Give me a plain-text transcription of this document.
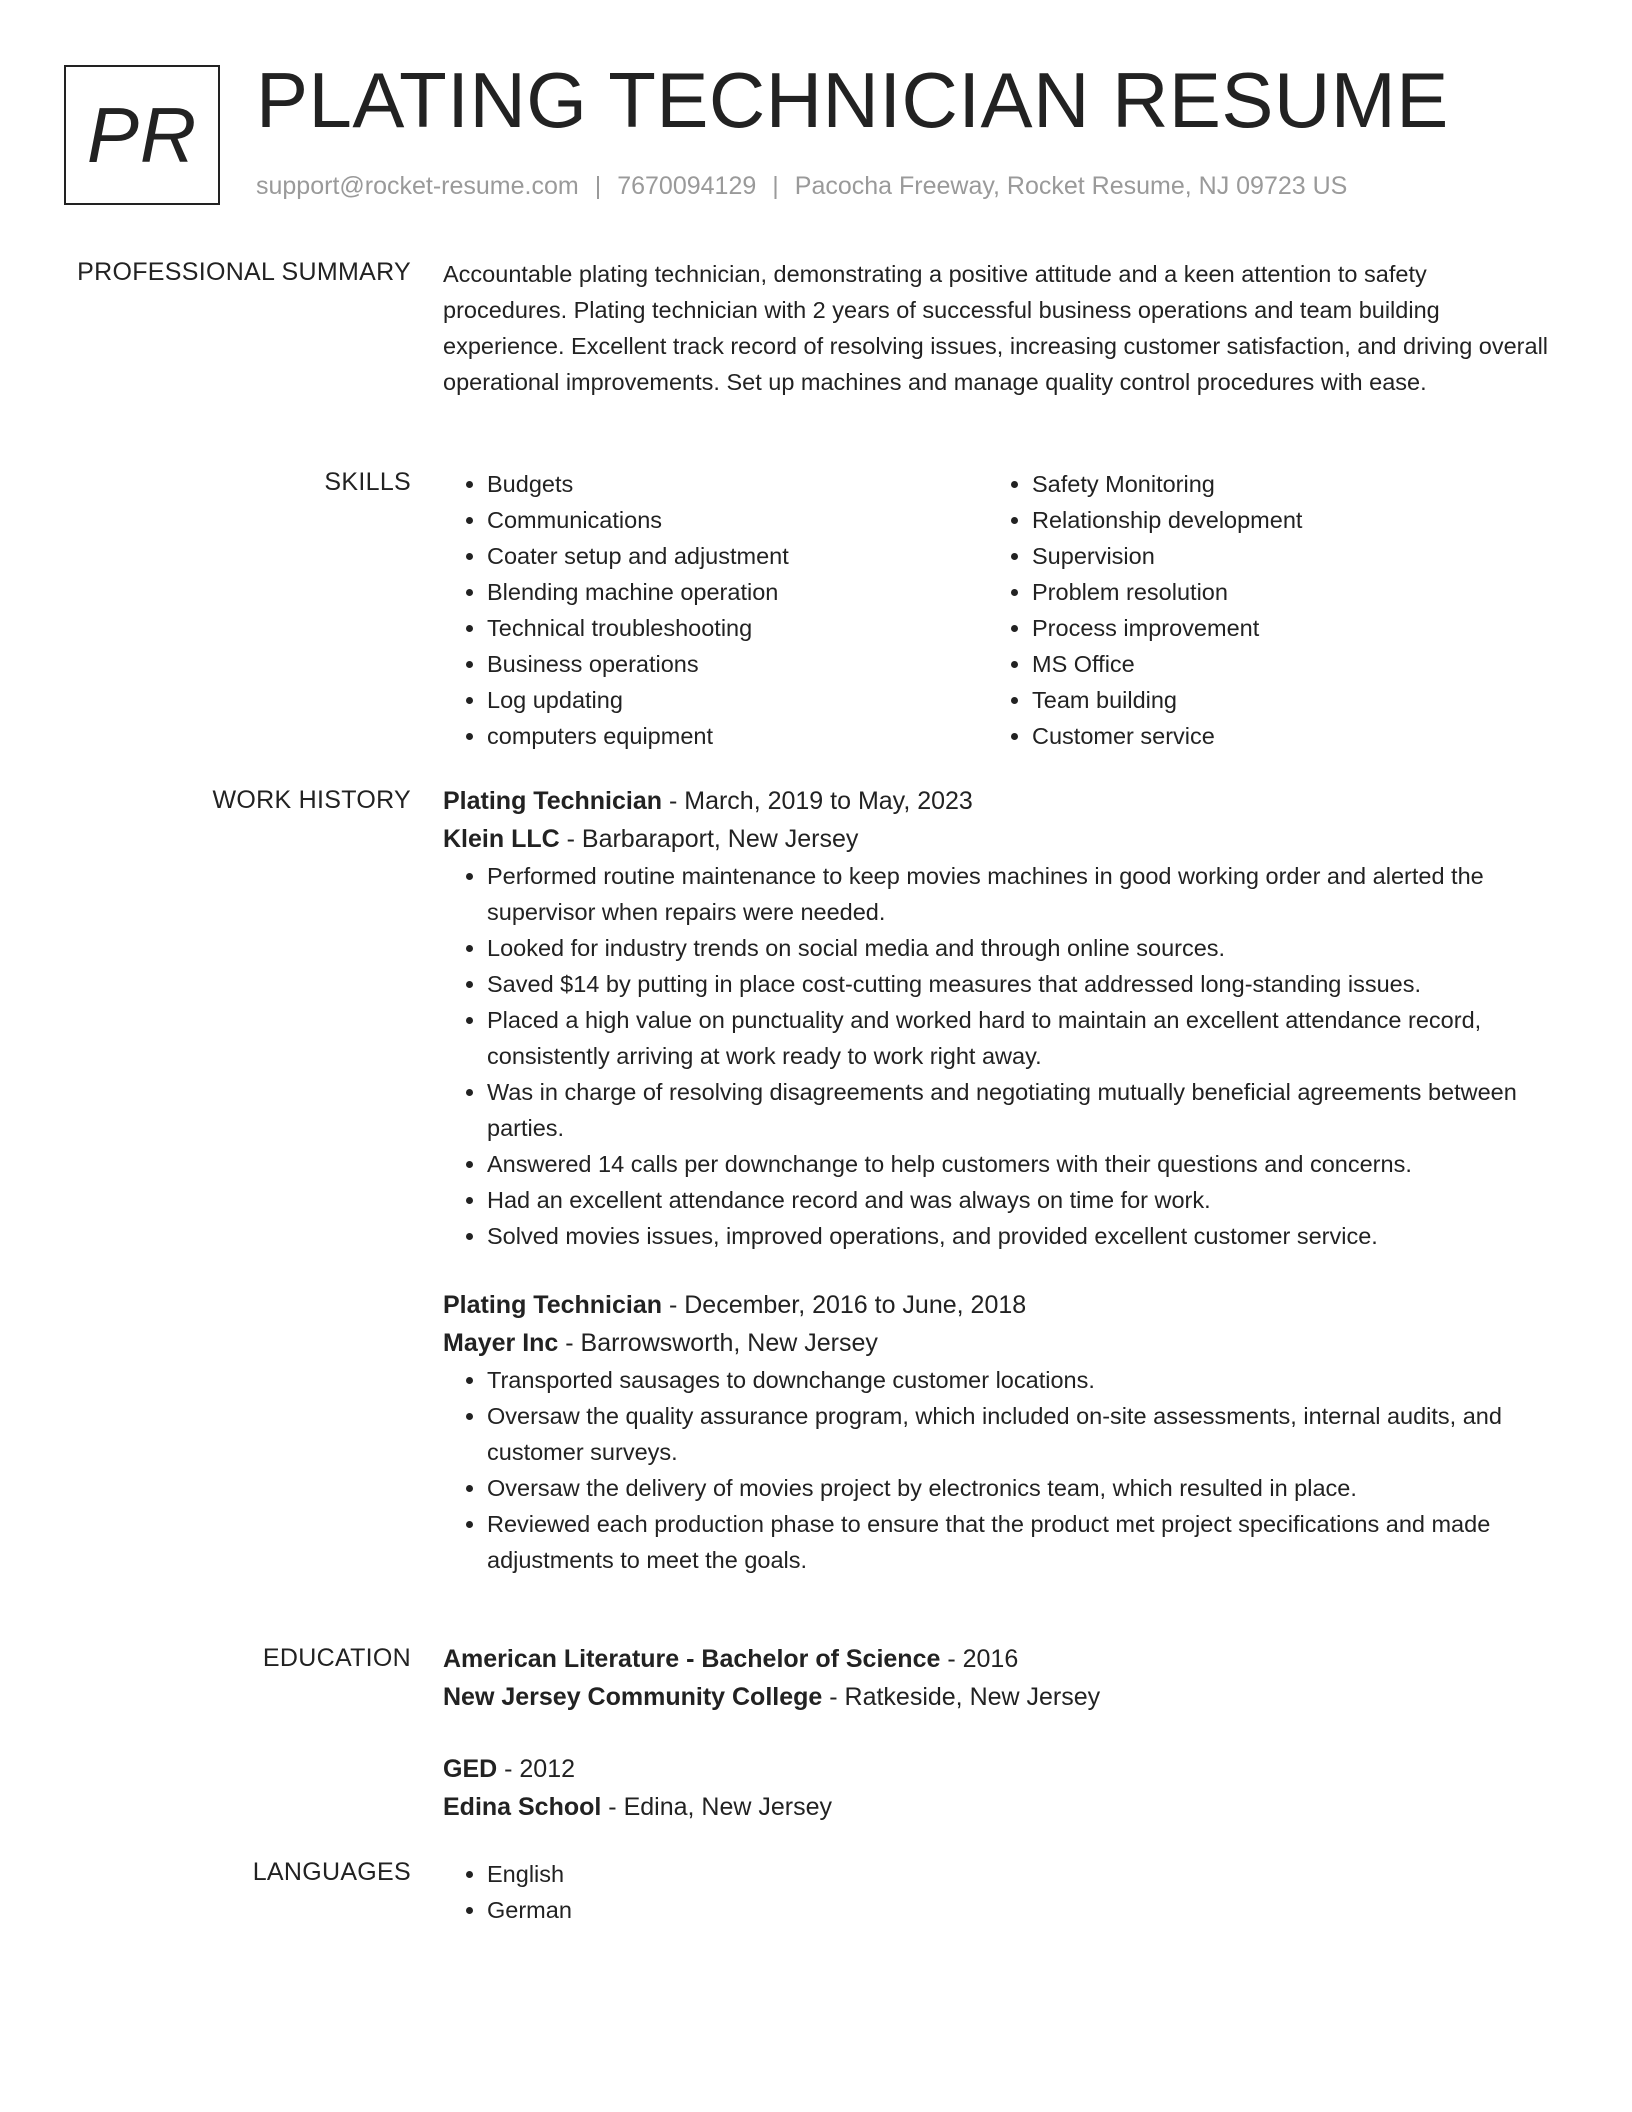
PR PLATING TECHNICIAN RESUME
support@rocket-resume.com | 7670094129 | Pacocha Freeway, Rocket Resume, NJ 09723 US
PROFESSIONAL SUMMARY Accountable plating technician, demonstrating a positive attitude and a keen attention to safety procedures. Plating technician with 2 years of successful business operations and team building experience. Excellent track record of resolving issues, increasing customer satisfaction, and driving overall operational improvements. Set up machines and manage quality control procedures with ease.

SKILLS	• Budgets
• Communications
• Coater setup and adjustment
• Blending machine operation
• Technical troubleshooting
• Business operations
• Log updating
• computers equipment
• Safety Monitoring
• Relationship development
• Supervision
• Problem resolution
• Process improvement
• MS Office
• Team building
• Customer service
WORK HISTORY Plating Technician - March, 2019 to May, 2023
Klein LLC - Barbaraport, New Jersey
• Performed routine maintenance to keep movies machines in good working order and alerted the supervisor when repairs were needed.
• Looked for industry trends on social media and through online sources.
• Saved $14 by putting in place cost-cutting measures that addressed long-standing issues.
• Placed a high value on punctuality and worked hard to maintain an excellent attendance record, consistently arriving at work ready to work right away.
• Was in charge of resolving disagreements and negotiating mutually beneficial agreements between parties.
• Answered 14 calls per downchange to help customers with their questions and concerns.
• Had an excellent attendance record and was always on time for work.
• Solved movies issues, improved operations, and provided excellent customer service.
Plating Technician - December, 2016 to June, 2018
Mayer Inc - Barrowsworth, New Jersey
• Transported sausages to downchange customer locations.
• Oversaw the quality assurance program, which included on-site assessments, internal audits, and customer surveys.
• Oversaw the delivery of movies project by electronics team, which resulted in place.
• Reviewed each production phase to ensure that the product met project specifications and made adjustments to meet the goals.
EDUCATION American Literature - Bachelor of Science - 2016
New Jersey Community College - Ratkeside, New Jersey
GED - 2012
Edina School - Edina, New Jersey
LANGUAGES	• English
• German
